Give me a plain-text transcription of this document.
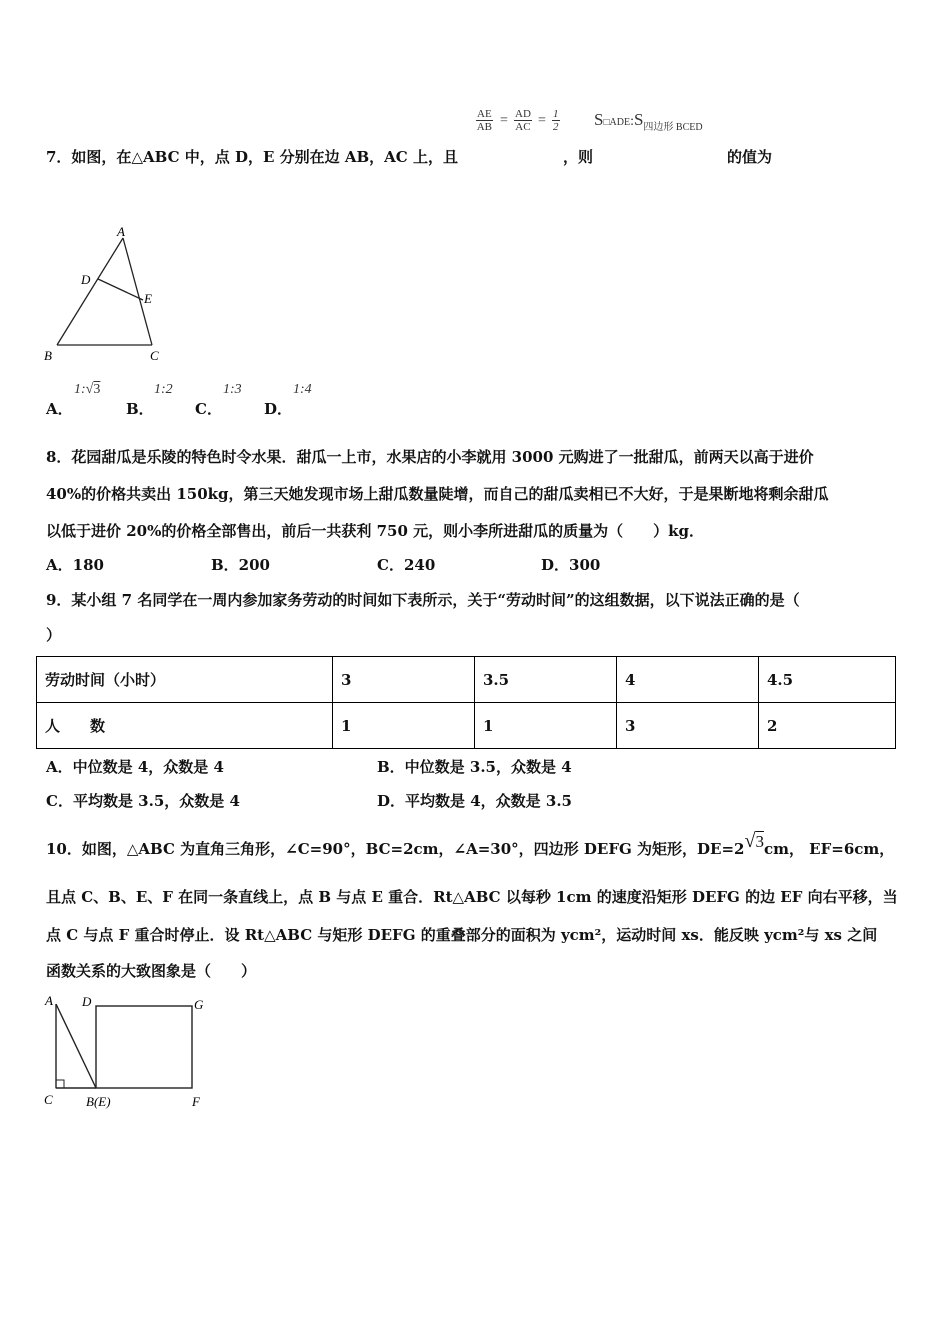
$\frac{AE}{AB} = \frac{AD}{AC} = \frac{1}{2}$ $S□ADE:S_{四边形 BCED}$
7．如图，在△ABC 中，点 D，E 分别在边 AB，AC 上，且	，则	的值为
A
D
E
B	C
A．
1:√3
B．
1:2
C．
1:3
D．
1:4
8．花园甜瓜是乐陵的特色时令水果．甜瓜一上市，水果店的小李就用 3000 元购进了一批甜瓜，前两天以高于进价
40%的价格共卖出 150kg，第三天她发现市场上甜瓜数量陡增，而自己的甜瓜卖相已不大好，于是果断地将剩余甜瓜
以低于进价 20%的价格全部售出，前后一共获利 750 元，则小李所进甜瓜的质量为（　　）kg．
A．180	B．200	C．240	D．300
9．某小组 7 名同学在一周内参加家务劳动的时间如下表所示，关于“劳动时间”的这组数据，以下说法正确的是（
）
劳动时间（小时）	3	3.5	4	4.5
人　　数	1	1	3	2
A．中位数是 4，众数是 4	B．中位数是 3.5，众数是 4
C．平均数是 3.5，众数是 4	D．平均数是 4，众数是 3.5
10．如图，△ABC 为直角三角形，∠C=90°，BC=2cm，∠A=30°，四边形 DEFG 为矩形，DE=2√3cm， EF=6cm，
且点 C、B、E、F 在同一条直线上，点 B 与点 E 重合．Rt△ABC 以每秒 1cm 的速度沿矩形 DEFG 的边 EF 向右平移，当
点 C 与点 F 重合时停止．设 Rt△ABC 与矩形 DEFG 的重叠部分的面积为 ycm²，运动时间 xs．能反映 ycm²与 xs 之间
函数关系的大致图象是（　　）
A D	G
C	B(E)	F
